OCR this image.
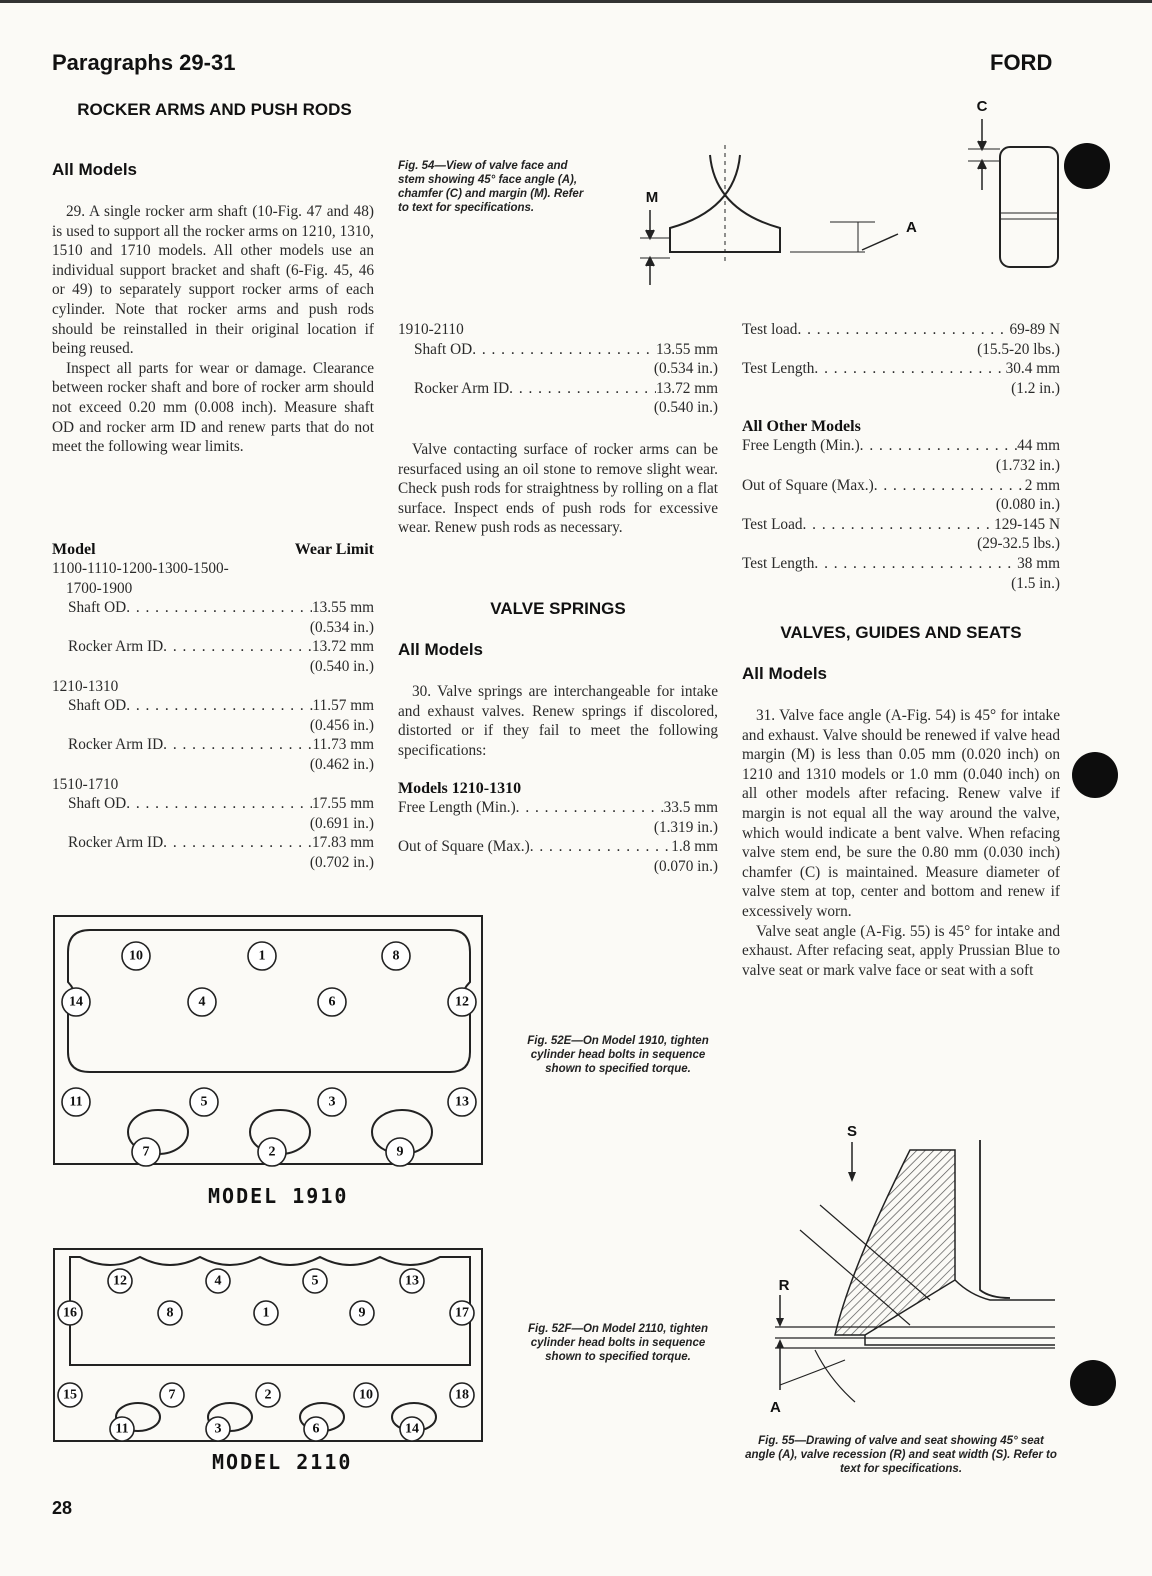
Paragraphs 29-31	FORD
ROCKER ARMS AND PUSH RODS
All Models

29. A single rocker arm shaft (10-Fig. 47 and 48) is used to support all the rocker arms on 1210, 1310, 1510 and 1710 models. All other models use an individual support bracket and shaft (6-Fig. 45, 46 or 49) to separately support rocker arms of each cylinder. Note that rocker arms and push rods should be reinstalled in their original location if being reused.

Inspect all parts for wear or damage. Clearance between rocker shaft and bore of rocker arm should not exceed 0.20 mm (0.008 inch). Measure shaft OD and rocker arm ID and renew parts that do not meet the following wear limits.

Model	Wear Limit
1100-1110-1200-1300-1500-
1700-1900
Shaft OD . . .	13.55 mm
(0.534 in.)
Rocker Arm ID . . .	13.72 mm
(0.540 in.)
1210-1310
Shaft OD . . .	11.57 mm
(0.456 in.)
Rocker Arm ID . . .	11.73 mm
(0.462 in.)
1510-1710
Shaft OD . . .	17.55 mm
(0.691 in.)
Rocker Arm ID . . .	17.83 mm
(0.702 in.)
Fig. 54—View of valve face and stem showing 45° face angle (A), chamfer (C) and margin (M). Refer to text for specifications.
M
A
C
1910-2110
Shaft OD . . .	13.55 mm
(0.534 in.)
Rocker Arm ID . . .	13.72 mm
(0.540 in.)

Valve contacting surface of rocker arms can be resurfaced using an oil stone to remove slight wear. Check push rods for straightness by rolling on a flat surface. Inspect ends of push rods for excessive wear. Renew push rods as necessary.

VALVE SPRINGS
All Models

30. Valve springs are interchangeable for intake and exhaust valves. Renew springs if discolored, distorted or if they fail to meet the following specifications:

Models 1210-1310
Free Length (Min.) . . .	33.5 mm
(1.319 in.)
Out of Square (Max.) . . .	1.8 mm
(0.070 in.)
Test load . . .	69-89 N
(15.5-20 lbs.)
Test Length . . .	30.4 mm
(1.2 in.)
All Other Models
Free Length (Min.) . . .	44 mm
(1.732 in.)
Out of Square (Max.) . . .	2 mm
(0.080 in.)
Test Load . . .	129-145 N
(29-32.5 lbs.)
Test Length . . .	38 mm
(1.5 in.)
VALVES, GUIDES AND SEATS
All Models

31. Valve face angle (A-Fig. 54) is 45° for intake and exhaust. Valve should be renewed if valve head margin (M) is less than 0.05 mm (0.020 inch) on 1210 and 1310 models or 1.0 mm (0.040 inch) on all other models after refacing. Renew valve if margin is not equal all the way around the valve, which would indicate a bent valve. When refacing valve stem end, be sure the 0.80 mm (0.030 inch) chamfer (C) is maintained. Measure diameter of valve stem at top, center and bottom and renew if excessively worn.

Valve seat angle (A-Fig. 55) is 45° for intake and exhaust. After refacing seat, apply Prussian Blue to valve seat or mark valve face or seat with a soft

S
R
A
Fig. 55—Drawing of valve and seat showing 45° seat angle (A), valve recession (R) and seat width (S). Refer to text for specifications.
10	1	8
14	4	6	12
11	5	3	13
7	2	9
MODEL 1910
Fig. 52E—On Model 1910, tighten cylinder head bolts in sequence shown to specified torque.
12	4	5	13
16	8	1	9	17
15	7	2	10	18
11	3	6	14
MODEL 2110
Fig. 52F—On Model 2110, tighten cylinder head bolts in sequence shown to specified torque.
28
